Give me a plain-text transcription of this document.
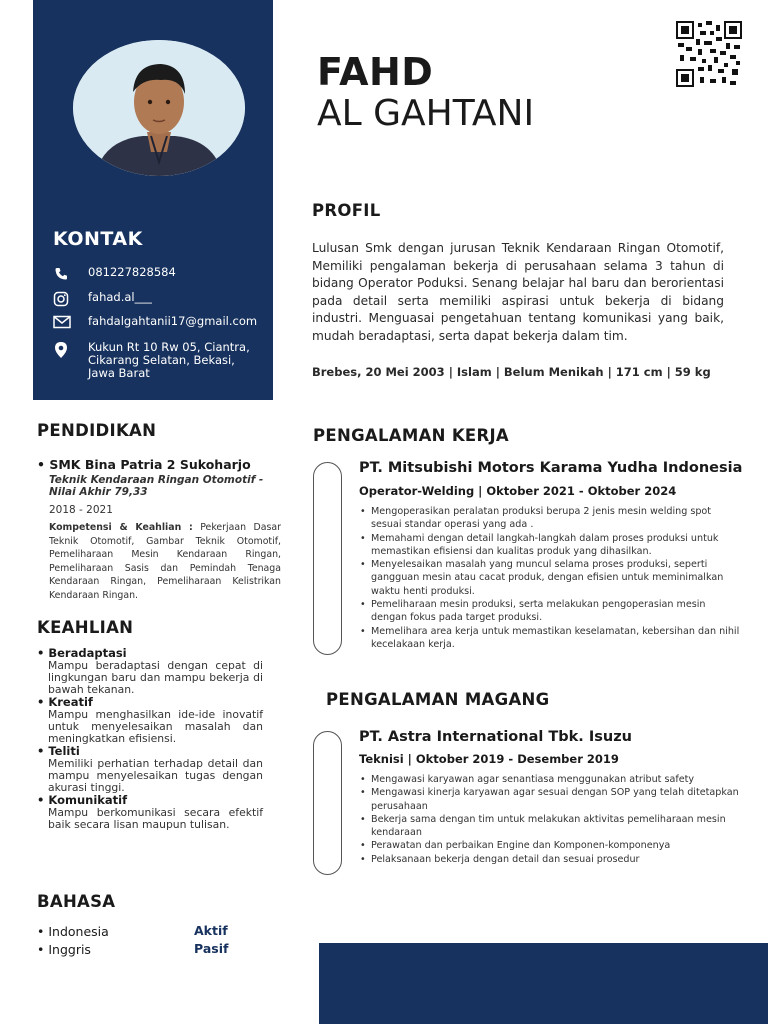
KONTAK
081227828584
fahad.al___
fahdalgahtanii17@gmail.com
Kukun Rt 10 Rw 05, Ciantra, Cikarang Selatan, Bekasi, Jawa Barat
FAHD
AL GAHTANI
PROFIL
Lulusan Smk dengan jurusan Teknik Kendaraan Ringan Otomotif, Memiliki pengalaman bekerja di perusahaan selama 3 tahun di bidang Operator Poduksi. Senang belajar hal baru dan berorientasi pada detail serta memiliki aspirasi untuk bekerja di bidang industri. Menguasai pengetahuan tentang komunikasi yang baik, mudah beradaptasi, serta dapat bekerja dalam tim.
Brebes, 20 Mei 2003 | Islam | Belum Menikah | 171 cm | 59 kg
PENDIDIKAN
• SMK Bina Patria 2 Sukoharjo
Teknik Kendaraan Ringan Otomotif - Nilai Akhir 79,33
2018 - 2021
Kompetensi & Keahlian : Pekerjaan Dasar Teknik Otomotif, Gambar Teknik Otomotif, Pemeliharaan Mesin Kendaraan Ringan, Pemeliharaan Sasis dan Pemindah Tenaga Kendaraan Ringan, Pemeliharaan Kelistrikan Kendaraan Ringan.
KEAHLIAN
• Beradaptasi
Mampu beradaptasi dengan cepat di lingkungan baru dan mampu bekerja di bawah tekanan.
• Kreatif
Mampu menghasilkan ide-ide inovatif untuk menyelesaikan masalah dan meningkatkan efisiensi.
• Teliti
Memiliki perhatian terhadap detail dan mampu menyelesaikan tugas dengan akurasi tinggi.
• Komunikatif
Mampu berkomunikasi secara efektif baik secara lisan maupun tulisan.
BAHASA
• Indonesia	Aktif
• Inggris	Pasif
PENGALAMAN KERJA
PT. Mitsubishi Motors Karama Yudha Indonesia
Operator-Welding | Oktober 2021 - Oktober 2024
• Mengoperasikan peralatan produksi berupa 2 jenis mesin welding spot sesuai standar operasi yang ada .
• Memahami dengan detail langkah-langkah dalam proses produksi untuk memastikan efisiensi dan kualitas produk yang dihasilkan.
• Menyelesaikan masalah yang muncul selama proses produksi, seperti gangguan mesin atau cacat produk, dengan efisien untuk meminimalkan waktu henti produksi.
• Pemeliharaan mesin produksi, serta melakukan pengoperasian mesin dengan fokus pada target produksi.
• Memelihara area kerja untuk memastikan keselamatan, kebersihan dan nihil kecelakaan kerja.
PENGALAMAN MAGANG
PT. Astra International Tbk. Isuzu
Teknisi | Oktober 2019 - Desember 2019
• Mengawasi karyawan agar senantiasa menggunakan atribut safety
• Mengawasi kinerja karyawan agar sesuai dengan SOP yang telah ditetapkan perusahaan
• Bekerja sama dengan tim untuk melakukan aktivitas pemeliharaan mesin kendaraan
• Perawatan dan perbaikan Engine dan Komponen-komponenya
• Pelaksanaan bekerja dengan detail dan sesuai prosedur
